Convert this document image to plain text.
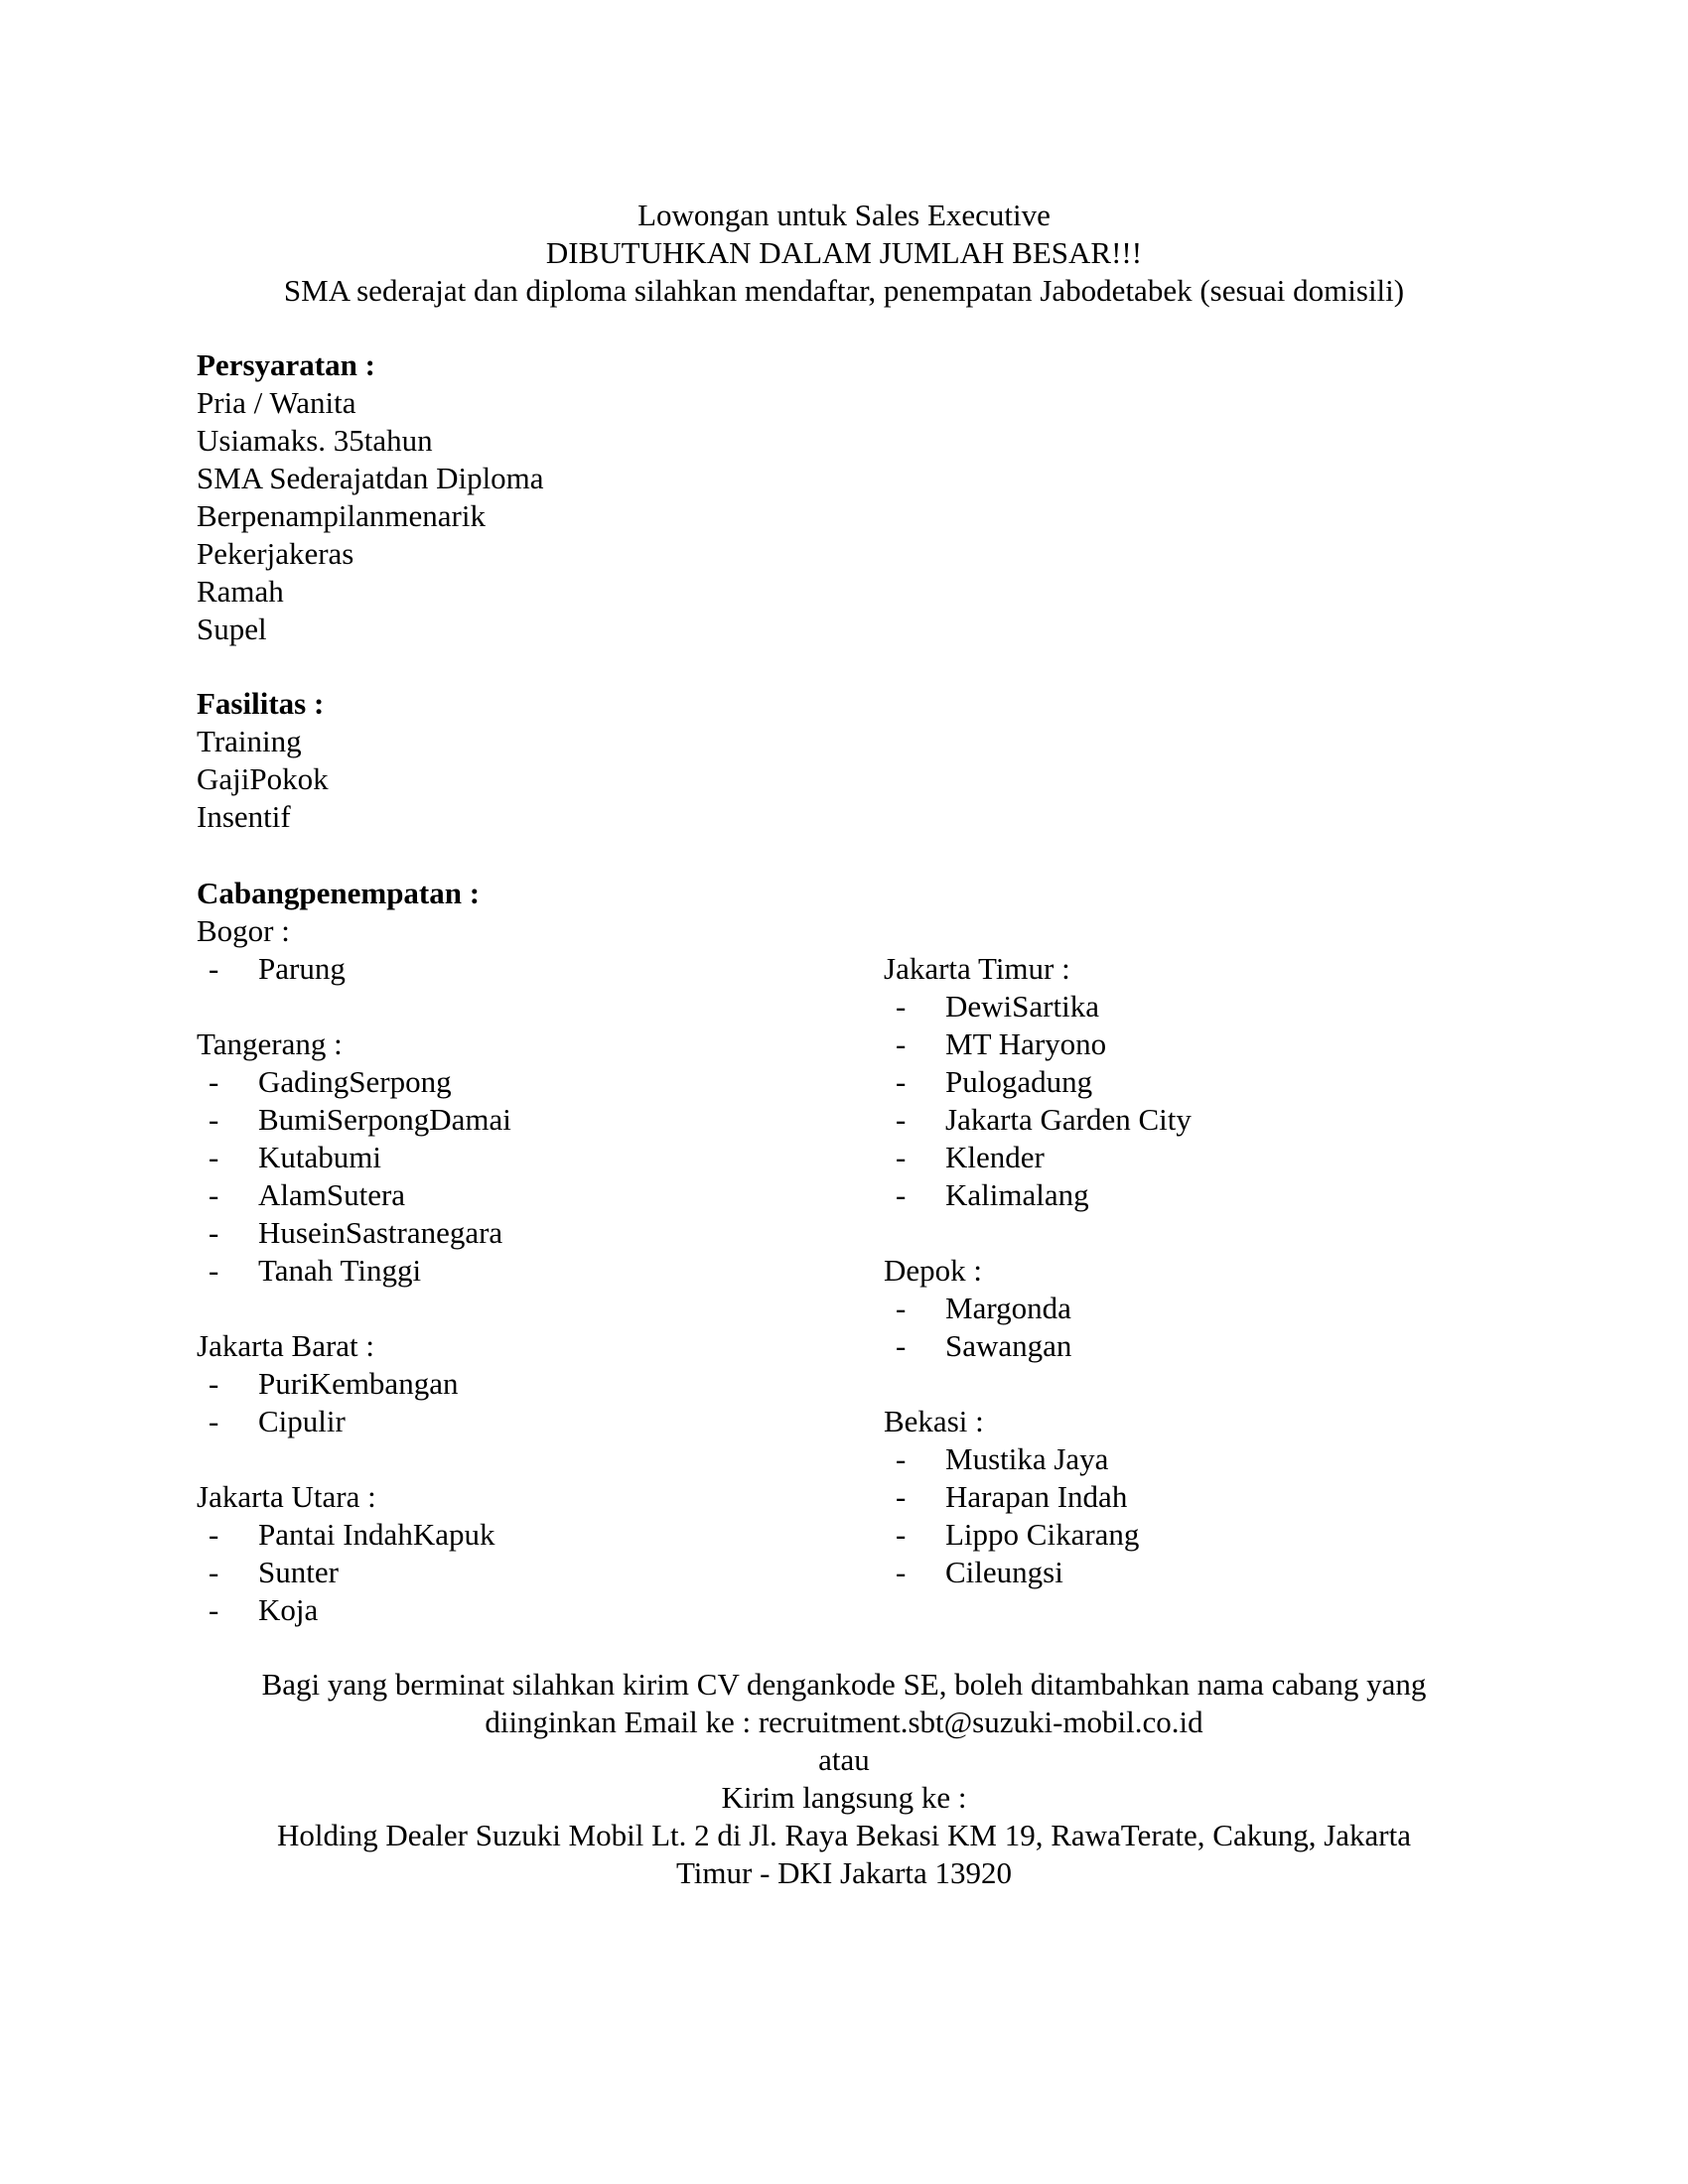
Lowongan untuk Sales Executive
DIBUTUHKAN DALAM JUMLAH BESAR!!!
SMA sederajat dan diploma silahkan mendaftar, penempatan Jabodetabek (sesuai domisili)
Persyaratan :
Pria / Wanita
Usiamaks. 35tahun
SMA Sederajatdan Diploma
Berpenampilanmenarik
Pekerjakeras
Ramah
Supel
Fasilitas :
Training
GajiPokok
Insentif
Cabangpenempatan :
Bogor :
- Parung
Tangerang :
- GadingSerpong
- BumiSerpongDamai
- Kutabumi
- AlamSutera
- HuseinSastranegara
- Tanah Tinggi
Jakarta Barat :
- PuriKembangan
- Cipulir
Jakarta Utara :
- Pantai IndahKapuk
- Sunter
- Koja
Jakarta Timur :
- DewiSartika
- MT Haryono
- Pulogadung
- Jakarta Garden City
- Klender
- Kalimalang
Depok :
- Margonda
- Sawangan
Bekasi :
- Mustika Jaya
- Harapan Indah
- Lippo Cikarang
- Cileungsi
Bagi yang berminat silahkan kirim CV dengankode SE, boleh ditambahkan nama cabang yang
diinginkan Email ke : recruitment.sbt@suzuki-mobil.co.id
atau
Kirim langsung ke :
Holding Dealer Suzuki Mobil Lt. 2 di Jl. Raya Bekasi KM 19, RawaTerate, Cakung, Jakarta
Timur - DKI Jakarta 13920
